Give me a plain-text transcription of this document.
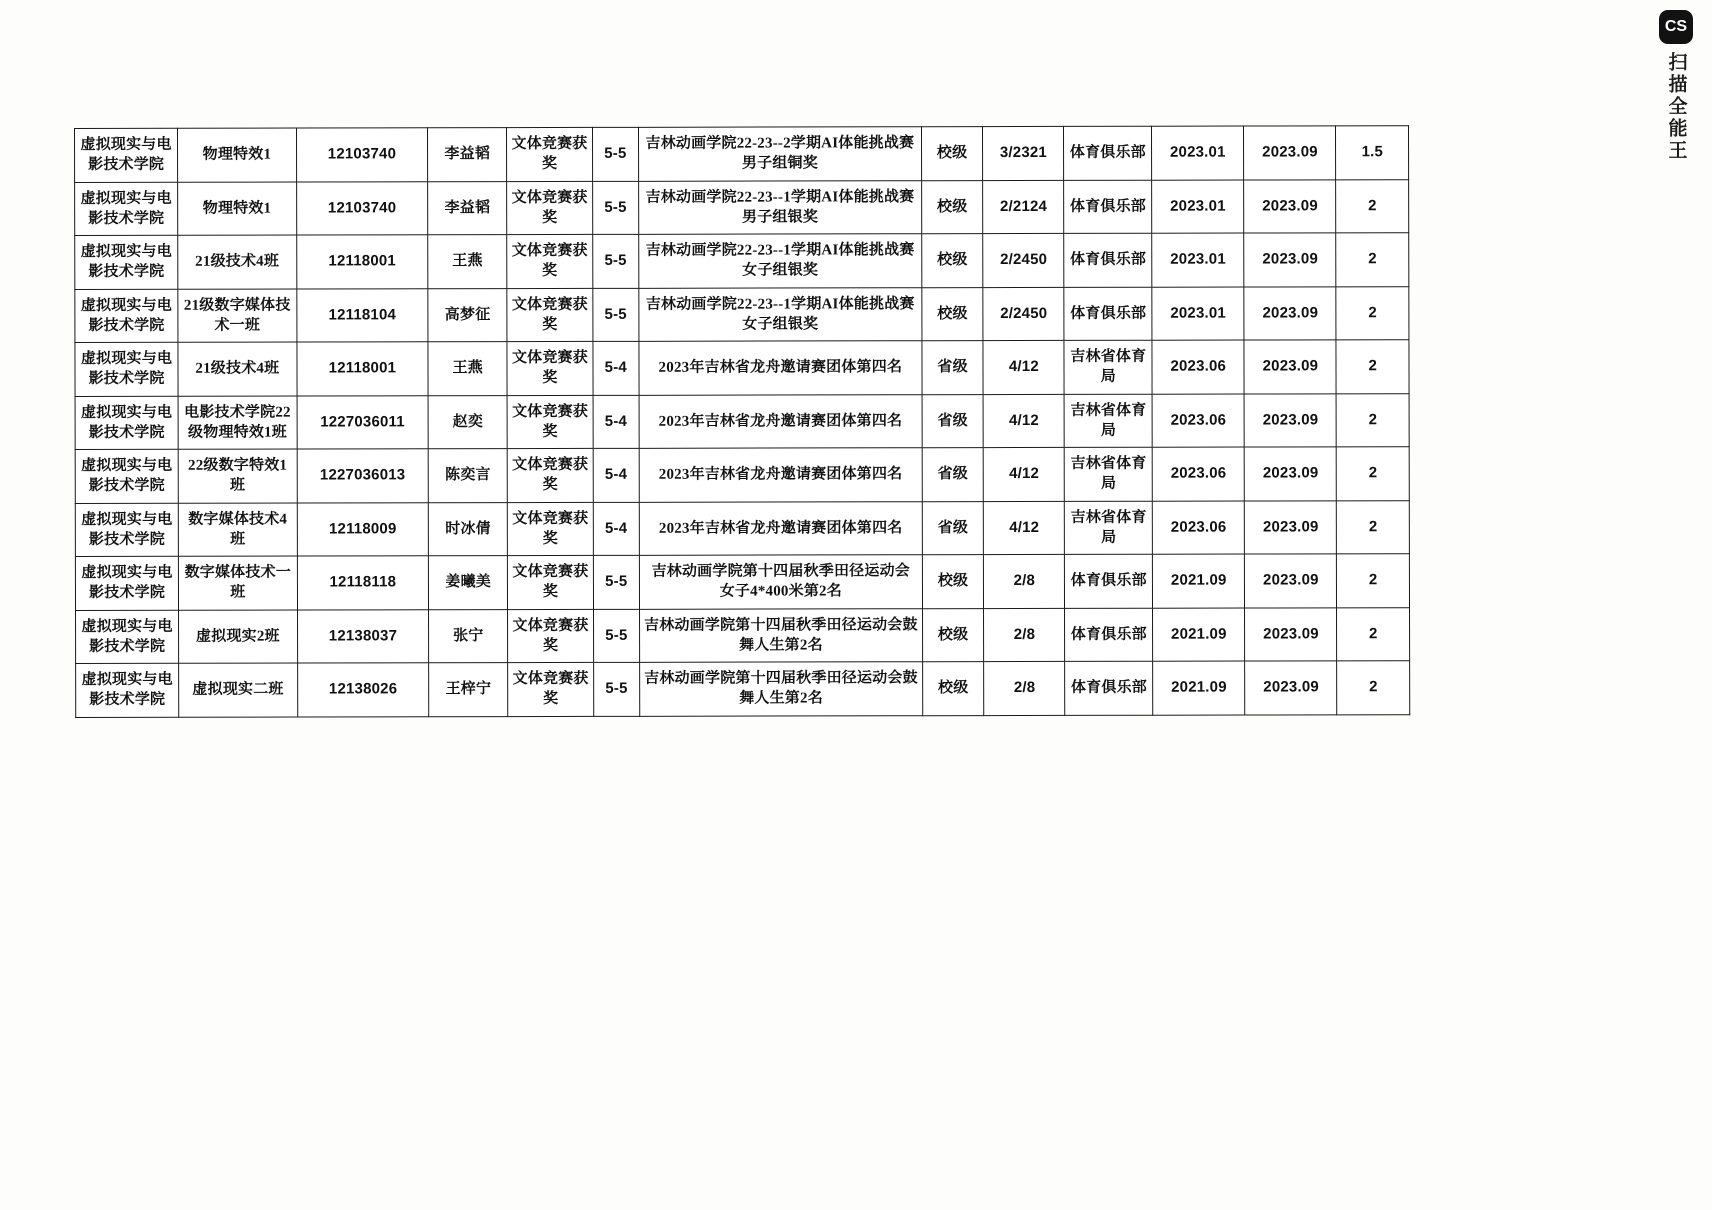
CS
扫描全能王
虚拟现实与电影技术学院	物理特效1	12103740	李益韬	文体竞赛获奖	5-5	吉林动画学院22-23--2学期AI体能挑战赛男子组铜奖	校级	3/2321	体育俱乐部	2023.01	2023.09	1.5
虚拟现实与电影技术学院	物理特效1	12103740	李益韬	文体竞赛获奖	5-5	吉林动画学院22-23--1学期AI体能挑战赛男子组银奖	校级	2/2124	体育俱乐部	2023.01	2023.09	2
虚拟现实与电影技术学院	21级技术4班	12118001	王燕	文体竞赛获奖	5-5	吉林动画学院22-23--1学期AI体能挑战赛女子组银奖	校级	2/2450	体育俱乐部	2023.01	2023.09	2
虚拟现实与电影技术学院	21级数字媒体技术一班	12118104	高梦征	文体竞赛获奖	5-5	吉林动画学院22-23--1学期AI体能挑战赛女子组银奖	校级	2/2450	体育俱乐部	2023.01	2023.09	2
虚拟现实与电影技术学院	21级技术4班	12118001	王燕	文体竞赛获奖	5-4	2023年吉林省龙舟邀请赛团体第四名	省级	4/12	吉林省体育局	2023.06	2023.09	2
虚拟现实与电影技术学院	电影技术学院22级物理特效1班	1227036011	赵奕	文体竞赛获奖	5-4	2023年吉林省龙舟邀请赛团体第四名	省级	4/12	吉林省体育局	2023.06	2023.09	2
虚拟现实与电影技术学院	22级数字特效1班	1227036013	陈奕言	文体竞赛获奖	5-4	2023年吉林省龙舟邀请赛团体第四名	省级	4/12	吉林省体育局	2023.06	2023.09	2
虚拟现实与电影技术学院	数字媒体技术4班	12118009	时冰倩	文体竞赛获奖	5-4	2023年吉林省龙舟邀请赛团体第四名	省级	4/12	吉林省体育局	2023.06	2023.09	2
虚拟现实与电影技术学院	数字媒体技术一班	12118118	姜曦美	文体竞赛获奖	5-5	吉林动画学院第十四届秋季田径运动会 女子4*400米第2名	校级	2/8	体育俱乐部	2021.09	2023.09	2
虚拟现实与电影技术学院	虚拟现实2班	12138037	张宁	文体竞赛获奖	5-5	吉林动画学院第十四届秋季田径运动会鼓舞人生第2名	校级	2/8	体育俱乐部	2021.09	2023.09	2
虚拟现实与电影技术学院	虚拟现实二班	12138026	王梓宁	文体竞赛获奖	5-5	吉林动画学院第十四届秋季田径运动会鼓舞人生第2名	校级	2/8	体育俱乐部	2021.09	2023.09	2
